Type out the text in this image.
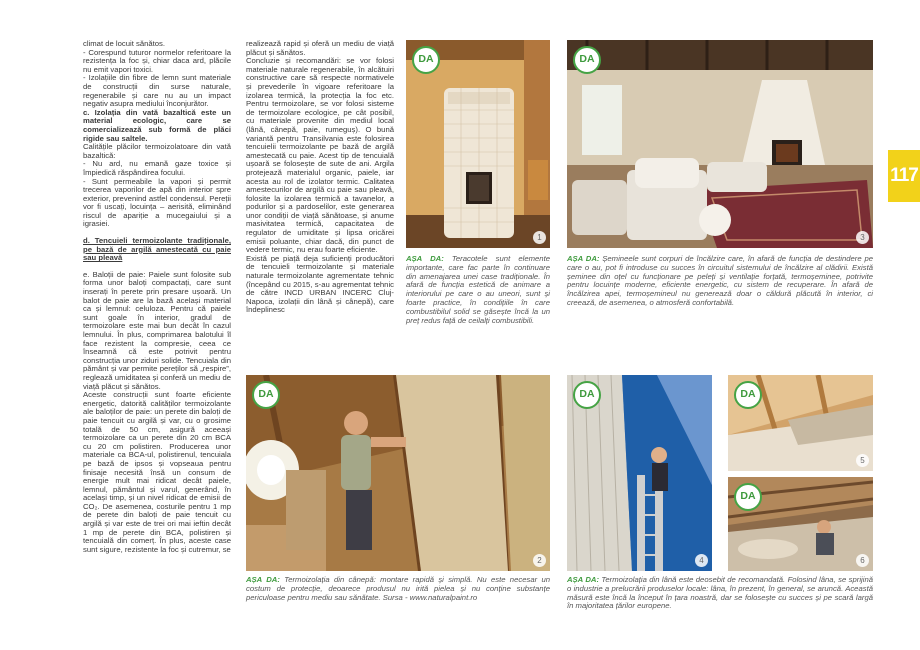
climat de locuit sănătos.

- Corespund tuturor normelor referitoare la rezistența la foc și, chiar daca ard, plăcile nu emit vapori toxici.

- Izolațiile din fibre de lemn sunt materiale de construcții din surse naturale, regenerabile și care nu au un impact negativ asupra mediului înconjurător.

c. Izolația din vată bazaltică este un material ecologic, care se comercializează sub formă de plăci rigide sau saltele.

Calitățile plăcilor termoizolatoare din vată bazaltică:

- Nu ard, nu emană gaze toxice și împiedică răspândirea focului.

- Sunt permeabile la vapori și permit trecerea vaporilor de apă din interior spre exterior, prevenind astfel condensul. Pereții vor fi uscați, locuința – aerisită, eliminând riscul de apariție a mucegaiului și a igrasiei.

d. Tencuieli termoizolante tradiționale, pe bază de argilă amestecată cu paie sau pleavă

e. Baloții de paie: Paiele sunt folosite sub forma unor baloți compactați, care sunt inserați în perete prin presare ușoară. Un balot de paie are la bază același material ca și lemnul: celuloza. Pentru că paiele sunt goale în interior, gradul de termoizolare este mai bun decât în cazul lemnului. În plus, comprimarea balotului îl face rezistent la compresie, ceea ce înseamnă că este potrivit pentru construcția unor ziduri solide. Tencuiala din pământ și var permite pereților să „respire”, reglează umiditatea și conferă un mediu de viață plăcut și sănătos.

Aceste construcții sunt foarte eficiente energetic, datorită calităților termoizolante ale baloților de paie: un perete din baloți de paie tencuit cu argilă și var, cu o grosime totală de 50 cm, asigură aceeași termoizolare ca un perete din 20 cm BCA cu 20 cm polistiren. Producerea unor materiale ca BCA-ul, polistirenul, tencuiala pe bază de ipsos și vopseaua pentru finisaje necesită însă un consum de energie mult mai ridicat decât paiele, lemnul, pământul și varul, generând, în același timp, și un nivel ridicat de emisii de CO₂. De asemenea, costurile pentru 1 mp de perete din baloți de paie tencuit cu argilă și var este de trei ori mai ieftin decât 1 mp de perete din BCA, polistiren și tencuială din comerț. În plus, aceste case sunt sigure, rezistente la foc și cutremur, se

realizează rapid și oferă un mediu de viață plăcut și sănătos.

Concluzie și recomandări: se vor folosi materiale naturale regenerabile, în alcătuiri constructive care să respecte normativele și prevederile în vigoare referitoare la izolarea termică, la protecția la foc etc. Pentru termoizolare, se vor folosi sisteme de termoizolare ecologice, pe cât posibil, cu materiale provenite din mediul local (lână, cânepă, paie, rumeguș). O bună variantă pentru Transilvania este folosirea tencuielii termoizolante pe bază de argilă amestecată cu paie. Acest tip de tencuială ușoară se folosește de sute de ani. Argila protejează materialul organic, paiele, iar acesta au rol de izolator termic. Calitatea amestecurilor de argilă cu paie sau pleavă, folosite la izolarea termică a tavanelor, a podurilor și a pardoselilor, este generarea unor condiții de viață sănătoase, și anume masivitatea termică, capacitatea de regulator de umiditate și lipsa oricărei emisii poluante, chiar dacă, din punct de vedere termic, nu erau foarte eficiente.

Există pe piață deja suficienți producători de tencuieli termoizolante și materiale naturale termoizolante agrementate tehnic (începând cu 2015, s-au agrementat tehnic de către INCD URBAN INCERC Cluj-Napoca, izolații din lână și cânepă), care îndeplinesc

DA
1
DA
3
AȘA DA: Teracotele sunt elemente importante, care fac parte în continuare din amenajarea unei case tradiționale. În afară de funcția estetică de animare a interiorului pe care o au uneori, sunt și foarte practice, în condițiile în care combustibilul solid se găsește încă la un preț redus față de ceilalți combustibili.
AȘA DA: Șemineele sunt corpuri de încălzire care, în afară de funcția de destindere pe care o au, pot fi introduse cu succes în circuitul sistemului de încălzire al clădirii. Există șeminee din oțel cu funcționare pe peleți și ventilație forțată, termoșeminee, potrivite pentru locuințe moderne, eficiente energetic, cu sistem de recuperare. În afară de încălzirea apei, termoșemineul nu generează doar o căldură plăcută în interior, ci creează, de asemenea, o atmosferă confortabilă.
117
DA
2
DA
4
DA
5
DA
6
AȘA DA: Termoizolația din cânepă: montare rapidă și simplă. Nu este necesar un costum de protecție, deoarece produsul nu irită pielea și nu conține substanțe periculoase pentru mediu sau sănătate. Sursa - www.naturalpaint.ro
AȘA DA: Termoizolația din lână este deosebit de recomandată. Folosind lâna, se sprijină o industrie a prelucrării produselor locale: lâna, în prezent, în general, se aruncă. Această măsură este încă la început în țara noastră, dar se folosește cu succes și pe scară largă în majoritatea țărilor europene.
